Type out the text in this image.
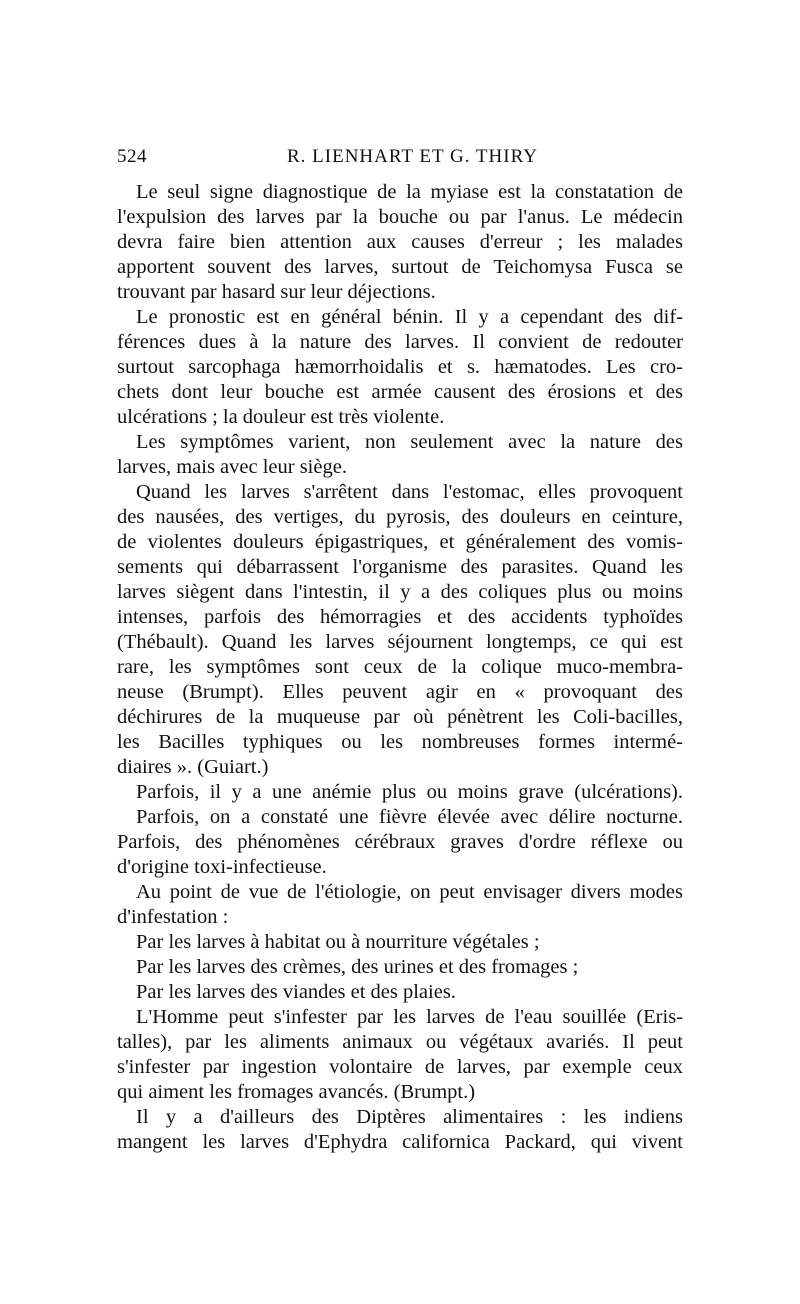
524	R. LIENHART ET G. THIRY
Le seul signe diagnostique de la myiase est la constatation de
l'expulsion des larves par la bouche ou par l'anus. Le médecin
devra faire bien attention aux causes d'erreur ; les malades
apportent souvent des larves, surtout de Teichomysa Fusca se
trouvant par hasard sur leur déjections.
Le pronostic est en général bénin. Il y a cependant des dif-
férences dues à la nature des larves. Il convient de redouter
surtout sarcophaga hæmorrhoidalis et s. hæmatodes. Les cro-
chets dont leur bouche est armée causent des érosions et des
ulcérations ; la douleur est très violente.
Les symptômes varient, non seulement avec la nature des
larves, mais avec leur siège.
Quand les larves s'arrêtent dans l'estomac, elles provoquent
des nausées, des vertiges, du pyrosis, des douleurs en ceinture,
de violentes douleurs épigastriques, et généralement des vomis-
sements qui débarrassent l'organisme des parasites. Quand les
larves siègent dans l'intestin, il y a des coliques plus ou moins
intenses, parfois des hémorragies et des accidents typhoïdes
(Thébault). Quand les larves séjournent longtemps, ce qui est
rare, les symptômes sont ceux de la colique muco-membra-
neuse (Brumpt). Elles peuvent agir en « provoquant des
déchirures de la muqueuse par où pénètrent les Coli-bacilles,
les Bacilles typhiques ou les nombreuses formes intermé-
diaires ». (Guiart.)
Parfois, il y a une anémie plus ou moins grave (ulcérations).
Parfois, on a constaté une fièvre élevée avec délire nocturne.
Parfois, des phénomènes cérébraux graves d'ordre réflexe ou
d'origine toxi-infectieuse.
Au point de vue de l'étiologie, on peut envisager divers modes
d'infestation :
Par les larves à habitat ou à nourriture végétales ;
Par les larves des crèmes, des urines et des fromages ;
Par les larves des viandes et des plaies.
L'Homme peut s'infester par les larves de l'eau souillée (Eris-
talles), par les aliments animaux ou végétaux avariés. Il peut
s'infester par ingestion volontaire de larves, par exemple ceux
qui aiment les fromages avancés. (Brumpt.)
Il y a d'ailleurs des Diptères alimentaires : les indiens
mangent les larves d'Ephydra californica Packard, qui vivent
